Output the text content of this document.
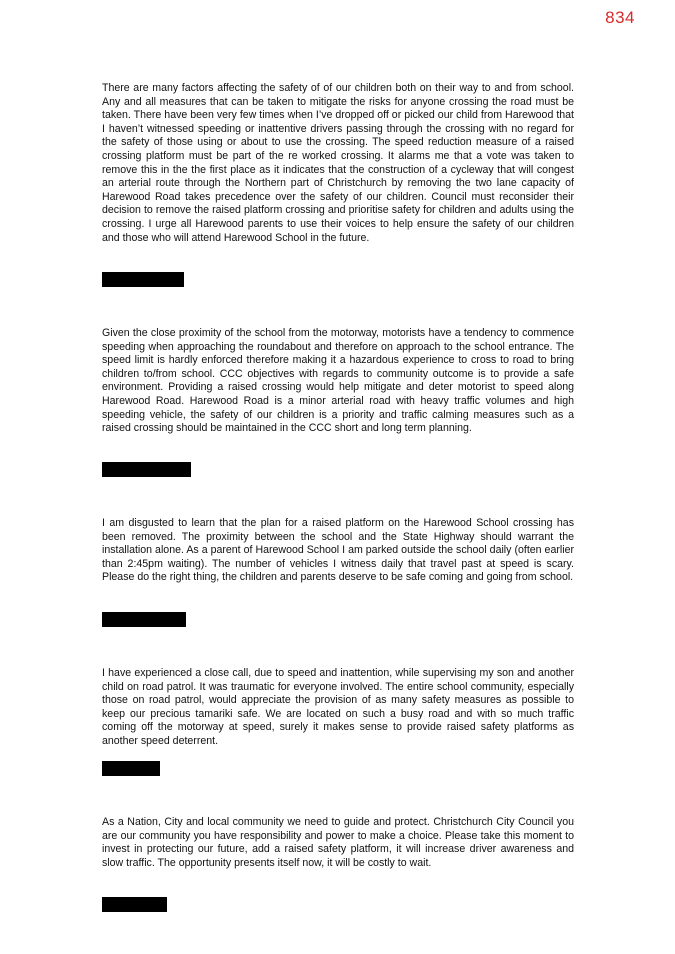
834

There are many factors affecting the safety of of our children both on their way to and from school. Any and all measures that can be taken to mitigate the risks for anyone crossing the road must be taken. There have been very few times when I’ve dropped off or picked our child from Harewood that I haven’t witnessed speeding or inattentive drivers passing through the crossing with no regard for the safety of those using or about to use the crossing. The speed reduction measure of a raised crossing platform must be part of the re worked crossing. It alarms me that a vote was taken to remove this in the the first place as it indicates that the construction of a cycleway that will congest an arterial route through the Northern part of Christchurch by removing the two lane capacity of Harewood Road takes precedence over the safety of our children. Council must reconsider their decision to remove the raised platform crossing and prioritise safety for children and adults using the crossing. I urge all Harewood parents to use their voices to help ensure the safety of our children and those who will attend Harewood School in the future.

Given the close proximity of the school from the motorway, motorists have a tendency to commence speeding when approaching the roundabout and therefore on approach to the school entrance. The speed limit is hardly enforced therefore making it a hazardous experience to cross to road to bring children to/from school. CCC objectives with regards to community outcome is to provide a safe environment. Providing a raised crossing would help mitigate and deter motorist to speed along Harewood Road. Harewood Road is a minor arterial road with heavy traffic volumes and high speeding vehicle, the safety of our children is a priority and traffic calming measures such as a raised crossing should be maintained in the CCC short and long term planning.

I am disgusted to learn that the plan for a raised platform on the Harewood School crossing has been removed. The proximity between the school and the State Highway should warrant the installation alone. As a parent of Harewood School I am parked outside the school daily (often earlier than 2:45pm waiting). The number of vehicles I witness daily that travel past at speed is scary. Please do the right thing, the children and parents deserve to be safe coming and going from school.

I have experienced a close call, due to speed and inattention, while supervising my son and another child on road patrol. It was traumatic for everyone involved. The entire school community, especially those on road patrol, would appreciate the provision of as many safety measures as possible to keep our precious tamariki safe. We are located on such a busy road and with so much traffic coming off the motorway at speed, surely it makes sense to provide raised safety platforms as another speed deterrent.

As a Nation, City and local community we need to guide and protect. Christchurch City Council you are our community you have responsibility and power to make a choice. Please take this moment to invest in protecting our future, add a raised safety platform, it will increase driver awareness and slow traffic. The opportunity presents itself now, it will be costly to wait.
